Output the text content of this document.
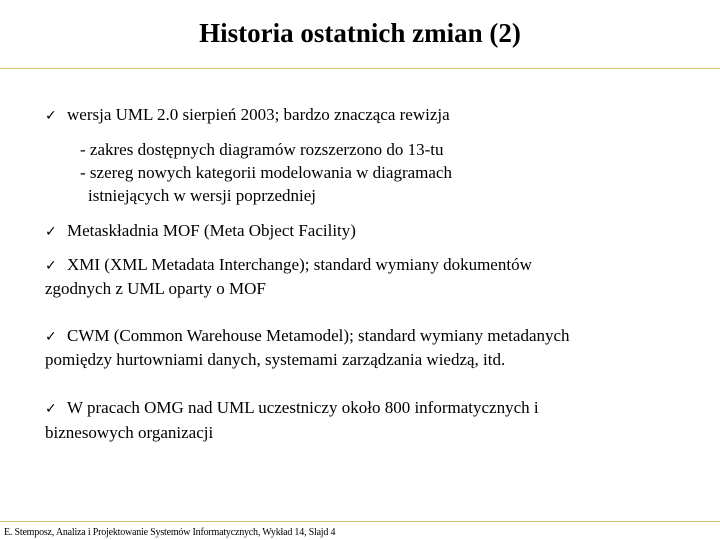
Historia ostatnich zmian (2)
✓ wersja UML 2.0 sierpień 2003; bardzo znacząca rewizja
- zakres dostępnych diagramów rozszerzono do 13-tu
- szereg nowych kategorii modelowania w diagramach
istniejących w wersji poprzedniej
✓ Metaskładnia MOF (Meta Object Facility)
✓ XMI (XML Metadata Interchange); standard wymiany dokumentów
zgodnych z UML oparty o MOF
✓ CWM (Common Warehouse Metamodel); standard wymiany metadanych
pomiędzy hurtowniami danych, systemami zarządzania wiedzą, itd.
✓ W pracach OMG nad UML uczestniczy około 800 informatycznych i
biznesowych organizacji
E. Stemposz, Analiza i Projektowanie Systemów Informatycznych, Wykład 14, Slajd 4
